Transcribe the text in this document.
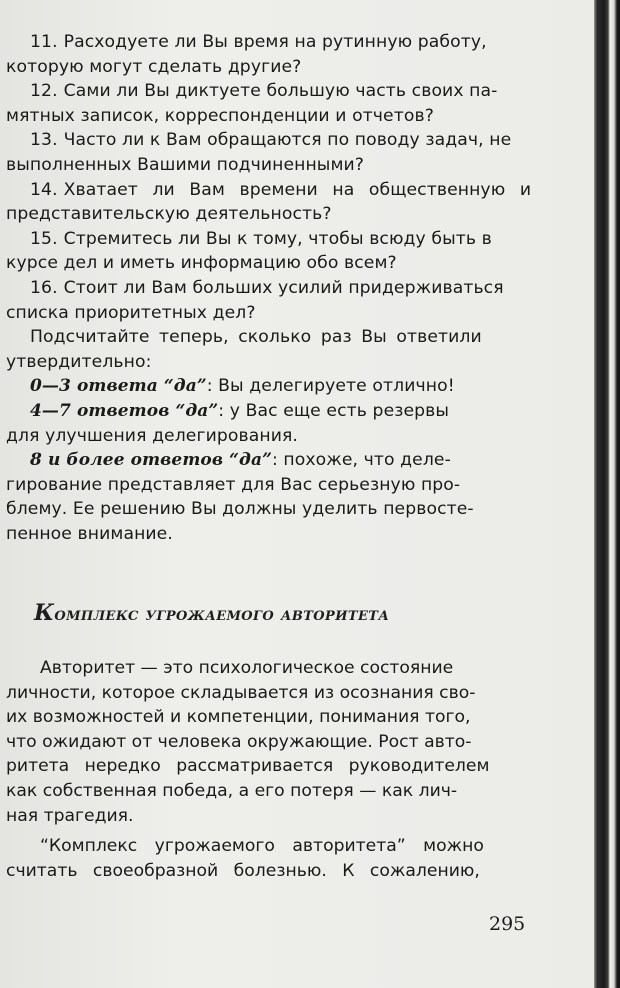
11. Расходуете ли Вы время на рутинную работу,
которую могут сделать другие?
12. Сами ли Вы диктуете большую часть своих па-
мятных записок, корреспонденции и отчетов?
13. Часто ли к Вам обращаются по поводу задач, не
выполненных Вашими подчиненными?
14. Хватает ли Вам времени на общественную и
представительскую деятельность?
15. Стремитесь ли Вы к тому, чтобы всюду быть в
курсе дел и иметь информацию обо всем?
16. Стоит ли Вам больших усилий придерживаться
списка приоритетных дел?
Подсчитайте теперь, сколько раз Вы ответили
утвердительно:
0—3 ответа “да”: Вы делегируете отлично!
4—7 ответов “да”: у Вас еще есть резервы
для улучшения делегирования.
8 и более ответов “да”: похоже, что деле-
гирование представляет для Вас серьезную про-
блему. Ее решению Вы должны уделить первосте-
пенное внимание.
Комплекс угрожаемого авторитета
Авторитет — это психологическое состояние
личности, которое складывается из осознания сво-
их возможностей и компетенции, понимания того,
что ожидают от человека окружающие. Рост авто-
ритета нередко рассматривается руководителем
как собственная победа, а его потеря — как лич-
ная трагедия.
“Комплекс угрожаемого авторитета” можно
считать своеобразной болезнью. К сожалению,
295
